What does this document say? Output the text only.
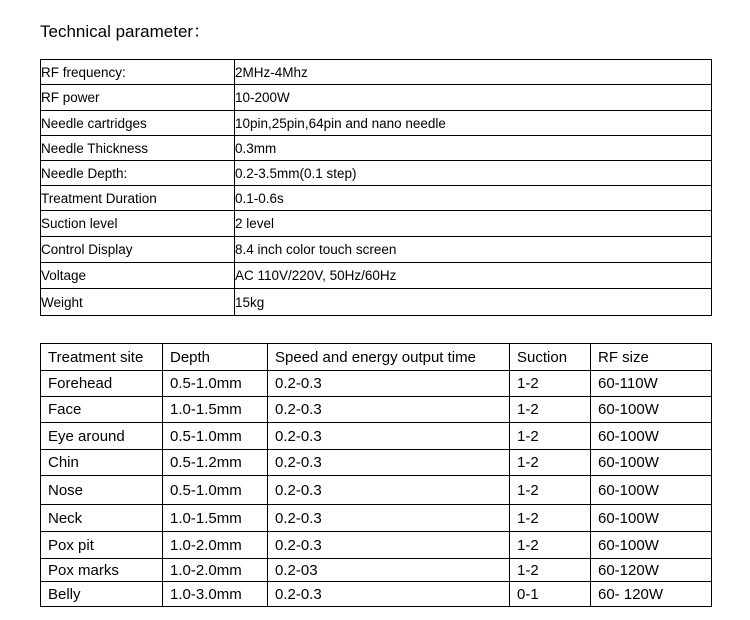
Technical parameter：
RF frequency:	2MHz-4Mhz
RF power	10-200W
Needle cartridges	10pin,25pin,64pin and nano needle
Needle Thickness	0.3mm
Needle Depth:	0.2-3.5mm(0.1 step)
Treatment Duration	0.1-0.6s
Suction level	2 level
Control Display	8.4 inch color touch screen
Voltage	AC 110V/220V, 50Hz/60Hz
Weight	15kg
Treatment site	Depth	Speed and energy output time	Suction	RF size
Forehead	0.5-1.0mm	0.2-0.3	1-2	60-110W
Face	1.0-1.5mm	0.2-0.3	1-2	60-100W
Eye around	0.5-1.0mm	0.2-0.3	1-2	60-100W
Chin	0.5-1.2mm	0.2-0.3	1-2	60-100W
Nose	0.5-1.0mm	0.2-0.3	1-2	60-100W
Neck	1.0-1.5mm	0.2-0.3	1-2	60-100W
Pox pit	1.0-2.0mm	0.2-0.3	1-2	60-100W
Pox marks	1.0-2.0mm	0.2-03	1-2	60-120W
Belly	1.0-3.0mm	0.2-0.3	0-1	60- 120W
